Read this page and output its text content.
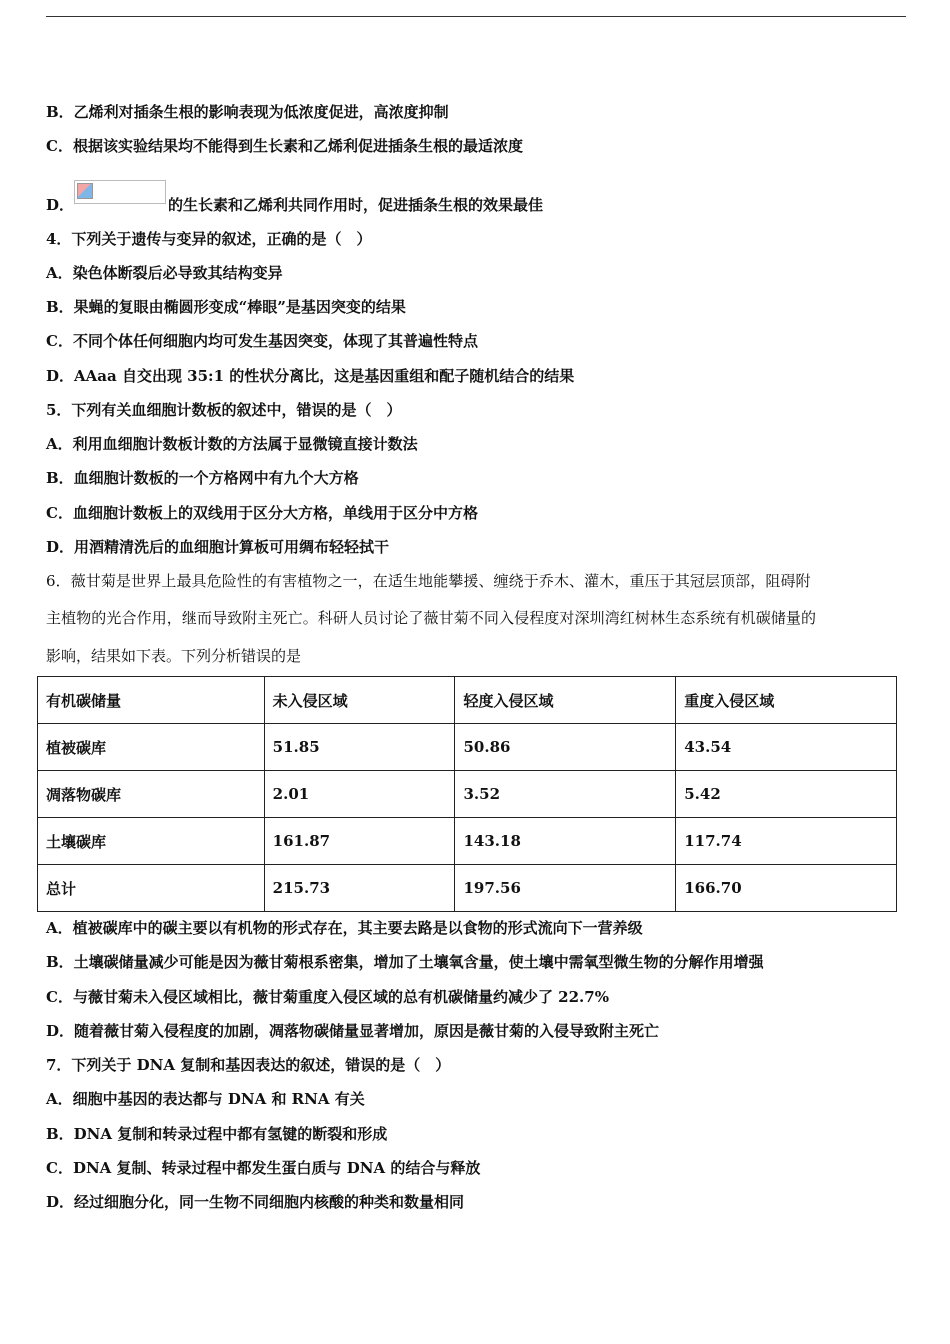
B．乙烯利对插条生根的影响表现为低浓度促进，高浓度抑制
C．根据该实验结果均不能得到生长素和乙烯利促进插条生根的最适浓度
D．	的生长素和乙烯利共同作用时，促进插条生根的效果最佳
4．下列关于遗传与变异的叙述，正确的是（　）
A．染色体断裂后必导致其结构变异
B．果蝇的复眼由椭圆形变成“棒眼”是基因突变的结果
C．不同个体任何细胞内均可发生基因突变，体现了其普遍性特点
D．AAaa 自交出现 35:1 的性状分离比，这是基因重组和配子随机结合的结果
5．下列有关血细胞计数板的叙述中，错误的是（　）
A．利用血细胞计数板计数的方法属于显微镜直接计数法
B．血细胞计数板的一个方格网中有九个大方格
C．血细胞计数板上的双线用于区分大方格，单线用于区分中方格
D．用酒精清洗后的血细胞计算板可用绸布轻轻拭干
6．薇甘菊是世界上最具危险性的有害植物之一，在适生地能攀援、缠绕于乔木、灌木，重压于其冠层顶部，阻碍附
主植物的光合作用，继而导致附主死亡。科研人员讨论了薇甘菊不同入侵程度对深圳湾红树林生态系统有机碳储量的
影响，结果如下表。下列分析错误的是
有机碳储量	未入侵区域	轻度入侵区域	重度入侵区域
植被碳库	51.85	50.86	43.54
凋落物碳库	2.01	3.52	5.42
土壤碳库	161.87	143.18	117.74
总计	215.73	197.56	166.70
A．植被碳库中的碳主要以有机物的形式存在，其主要去路是以食物的形式流向下一营养级
B．土壤碳储量减少可能是因为薇甘菊根系密集，增加了土壤氧含量，使土壤中需氧型微生物的分解作用增强
C．与薇甘菊未入侵区域相比，薇甘菊重度入侵区域的总有机碳储量约减少了 22.7%
D．随着薇甘菊入侵程度的加剧，凋落物碳储量显著增加，原因是薇甘菊的入侵导致附主死亡
7．下列关于 DNA 复制和基因表达的叙述，错误的是（　）
A．细胞中基因的表达都与 DNA 和 RNA 有关
B．DNA 复制和转录过程中都有氢键的断裂和形成
C．DNA 复制、转录过程中都发生蛋白质与 DNA 的结合与释放
D．经过细胞分化，同一生物不同细胞内核酸的种类和数量相同
